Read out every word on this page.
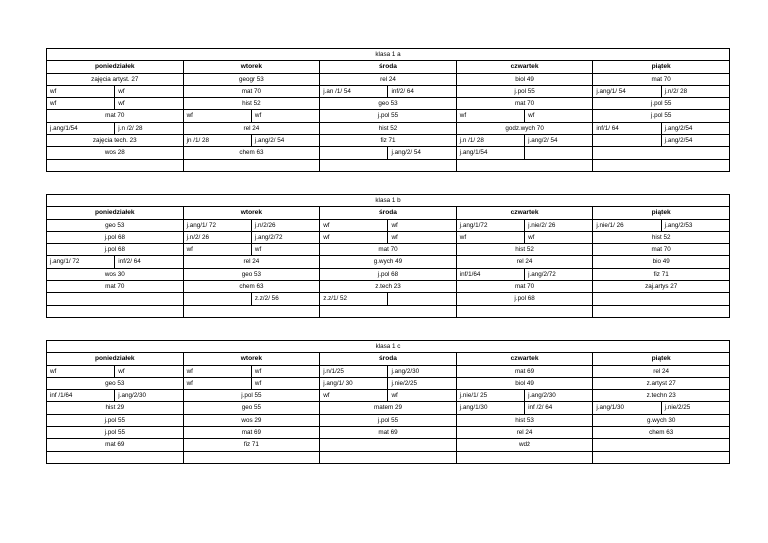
klasa 1 a									
poniedziałek		wtorek		środa		czwartek		piątek	
zajęcia artyst. 27		geogr 53		rel 24		biol 49		mat 70	
wf	wf	mat 70		j.an /1/ 54	inf/2/ 64	j.pol 55		j.ang/1/ 54	j.n/2/ 28
wf	wf	hist 52		geo 53		mat 70		j.pol 55	
mat 70		wf	wf	j.pol 55		wf	wf	j.pol 55	
j.ang/1/54	j.n /2/ 28	rel 24		hist 52		godz.wych 70		inf/1/ 64	j.ang/2/54
zajęcia tech. 23		jn /1/ 28	j.ang/2/ 54	fiz 71		j.n /1/ 28	j.ang/2/ 54		j.ang/2/54
wos 28		chem 63			j.ang/2/ 54	j.ang/1/54			

klasa 1 b									
poniedziałek		wtorek		środa		czwartek		piątek	
geo 53		j.ang/1/ 72	j.n/2/26	wf	wf	j.ang/1/72	j.nie/2/ 26	j.nie/1/ 26	j.ang/2/53
j.pol 68		j.n/2/ 26	j.ang/2/72	wf	wf	wf	wf	hist 52	
j.pol 68		wf	wf	mat 70		hist 52		mat 70	
j.ang/1/ 72	inf/2/ 64	rel 24		g.wych 49		rel 24		bio 49	
wos 30		geo 53		j.pol 68		inf/1/64	j.ang/2/72	fiz 71	
mat 70		chem 63		z.tech 23		mat 70		zaj.artys 27	
			z.z/2/ 56	z.z/1/ 52		j.pol 68			

klasa 1 c									
poniedziałek		wtorek		środa		czwartek		piątek	
wf	wf	wf	wf	j.n/1/25	j.ang/2/30	mat 69		rel 24	
geo 53		wf	wf	j.ang/1/ 30	j.nie/2/25	biol 49		z.artyst 27	
inf /1/64	j.ang/2/30	j.pol 55		wf	wf	j.nie/1/ 25	j.ang/2/30	z.techn 23	
hist 29		geo 55		matem 29		j.ang/1/30	inf /2/ 64	j.ang/1/30	j.nie/2/25
j.pol 55		wos 29		j.pol 55		hist 53		g.wych 30	
j.pol 55		mat 69		mat 69		rel 24		chem 63	
mat 69		fiz 71				wdż			
